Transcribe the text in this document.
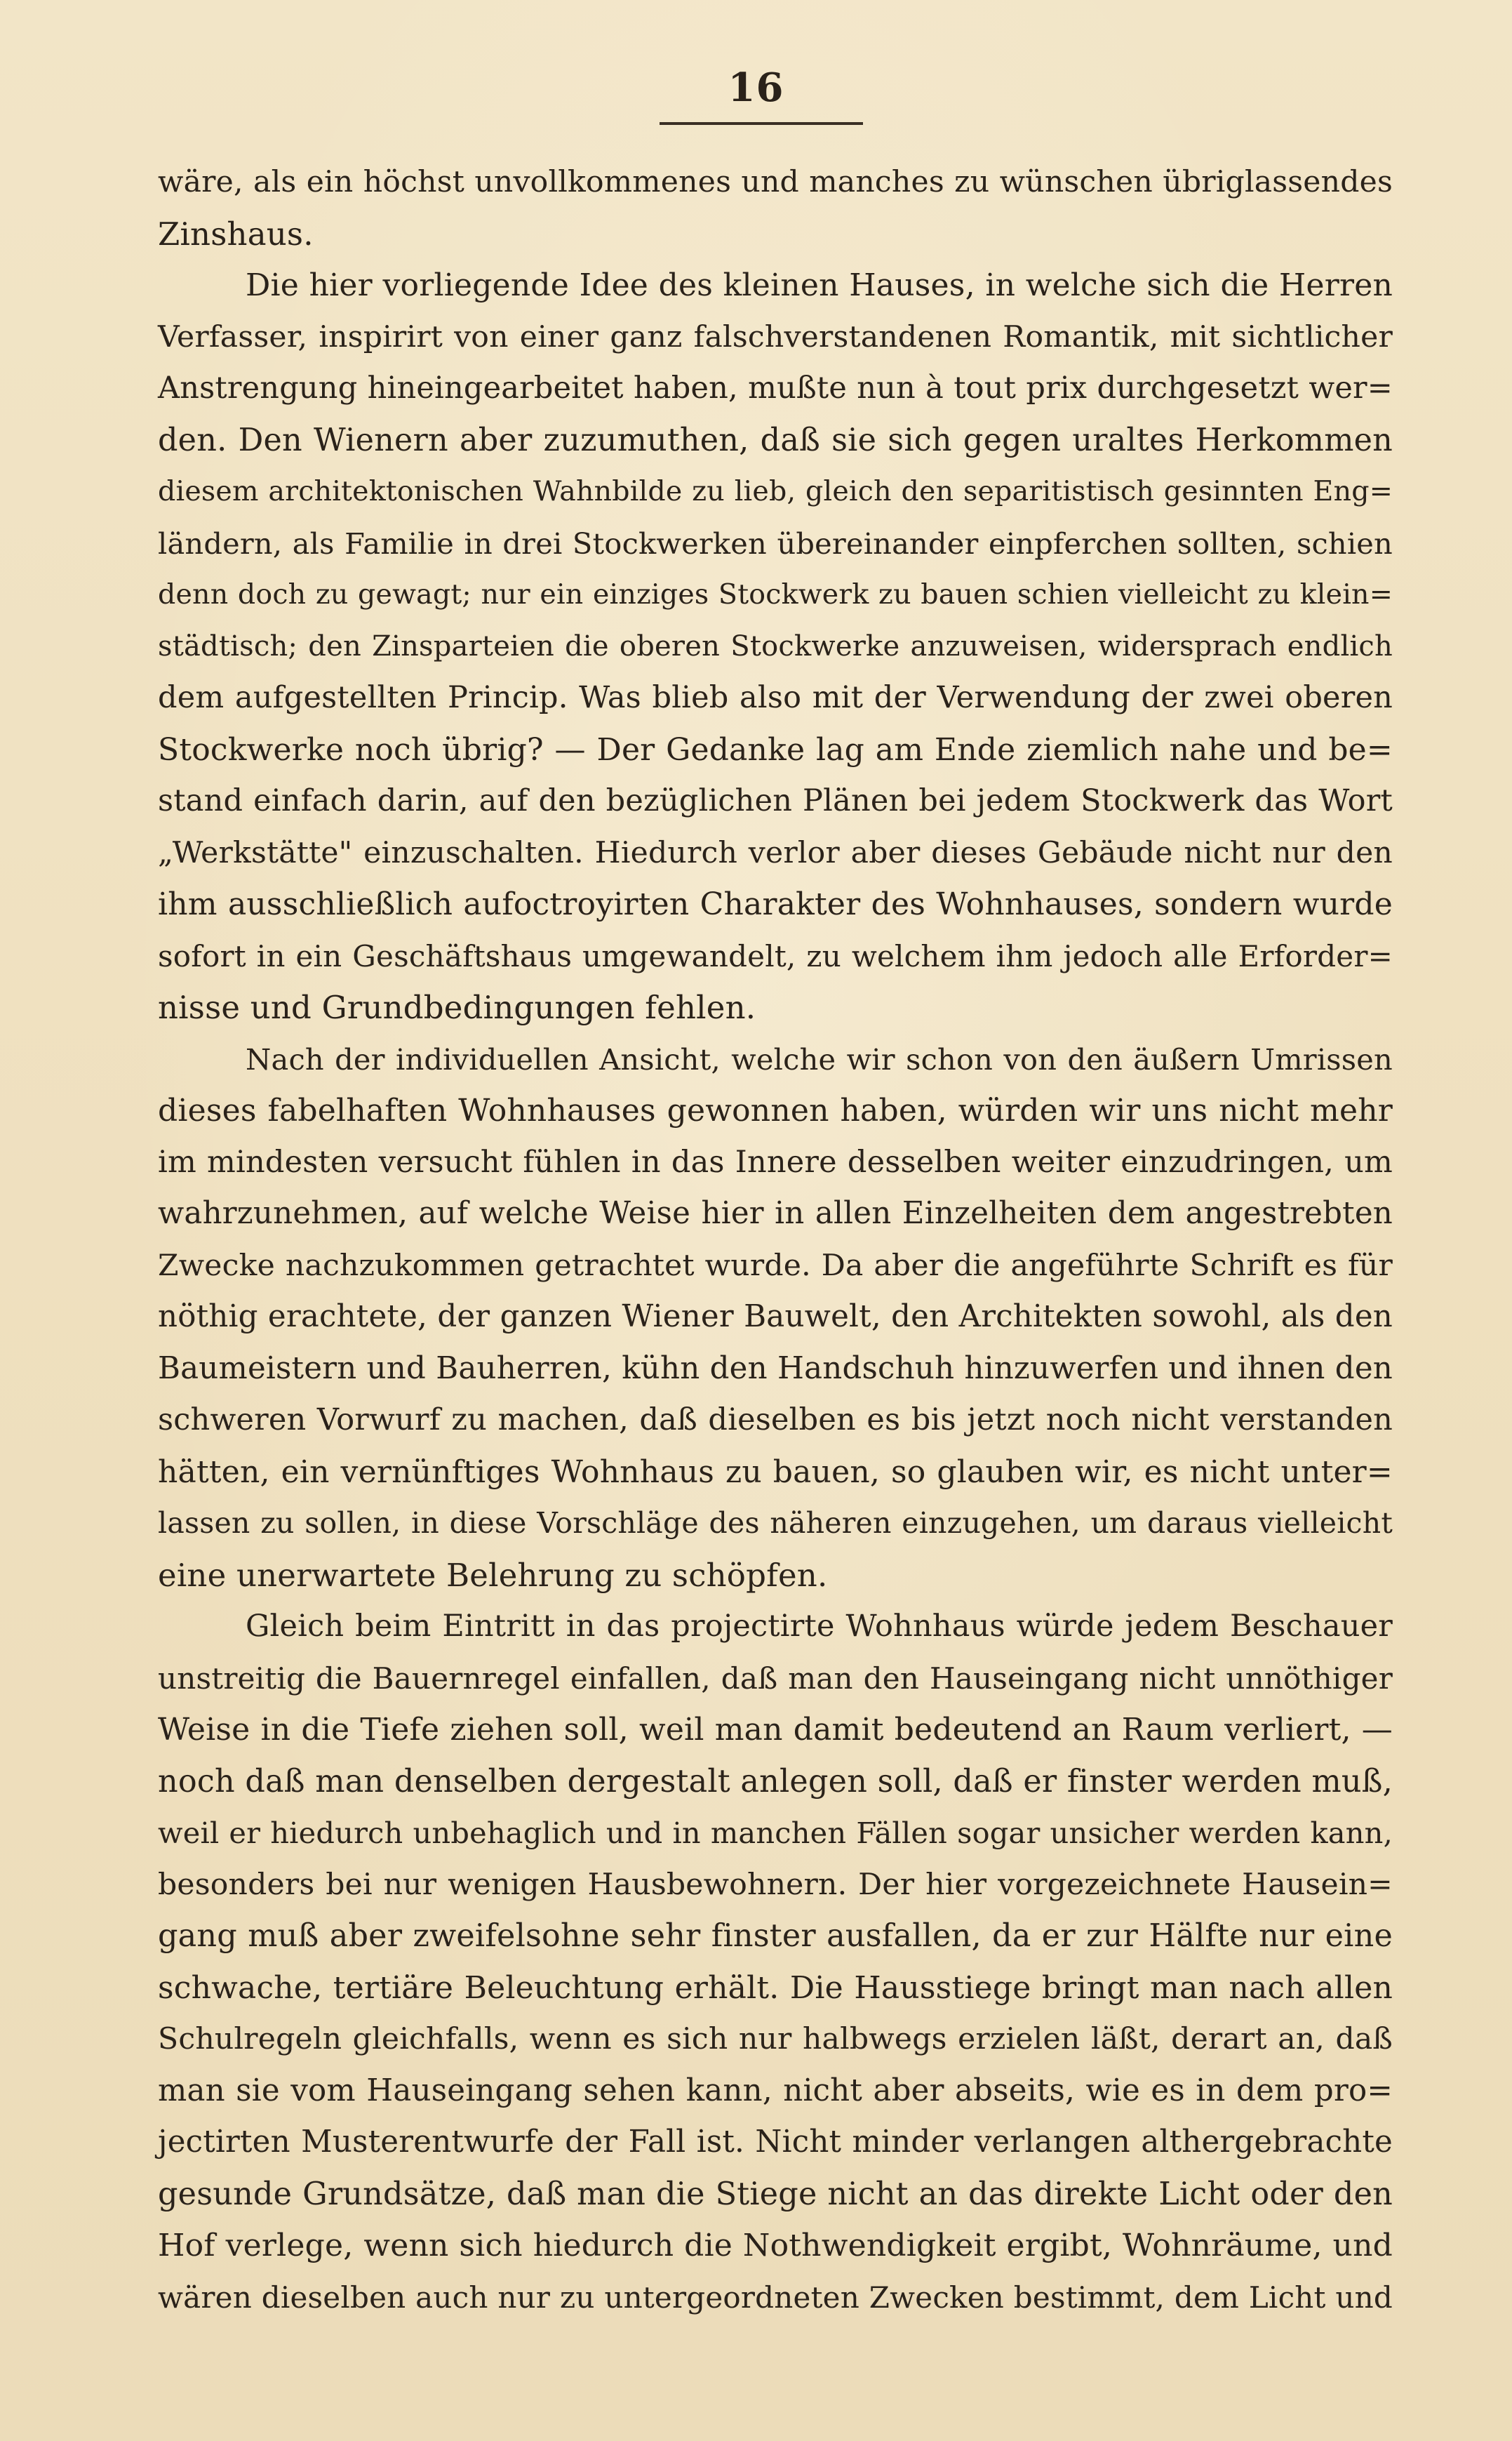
16
wäre, als ein höchst unvollkommenes und manches zu wünschen übriglassendes
Zinshaus.
Die hier vorliegende Idee des kleinen Hauses, in welche sich die Herren
Verfasser, inspirirt von einer ganz falschverstandenen Romantik, mit sichtlicher
Anstrengung hineingearbeitet haben, mußte nun à tout prix durchgesetzt wer=
den. Den Wienern aber zuzumuthen, daß sie sich gegen uraltes Herkommen
diesem architektonischen Wahnbilde zu lieb, gleich den separitistisch gesinnten Eng=
ländern, als Familie in drei Stockwerken übereinander einpferchen sollten, schien
denn doch zu gewagt; nur ein einziges Stockwerk zu bauen schien vielleicht zu klein=
städtisch; den Zinsparteien die oberen Stockwerke anzuweisen, widersprach endlich
dem aufgestellten Princip. Was blieb also mit der Verwendung der zwei oberen
Stockwerke noch übrig? — Der Gedanke lag am Ende ziemlich nahe und be=
stand einfach darin, auf den bezüglichen Plänen bei jedem Stockwerk das Wort
„Werkstätte" einzuschalten. Hiedurch verlor aber dieses Gebäude nicht nur den
ihm ausschließlich aufoctroyirten Charakter des Wohnhauses, sondern wurde
sofort in ein Geschäftshaus umgewandelt, zu welchem ihm jedoch alle Erforder=
nisse und Grundbedingungen fehlen.
Nach der individuellen Ansicht, welche wir schon von den äußern Umrissen
dieses fabelhaften Wohnhauses gewonnen haben, würden wir uns nicht mehr
im mindesten versucht fühlen in das Innere desselben weiter einzudringen, um
wahrzunehmen, auf welche Weise hier in allen Einzelheiten dem angestrebten
Zwecke nachzukommen getrachtet wurde. Da aber die angeführte Schrift es für
nöthig erachtete, der ganzen Wiener Bauwelt, den Architekten sowohl, als den
Baumeistern und Bauherren, kühn den Handschuh hinzuwerfen und ihnen den
schweren Vorwurf zu machen, daß dieselben es bis jetzt noch nicht verstanden
hätten, ein vernünftiges Wohnhaus zu bauen, so glauben wir, es nicht unter=
lassen zu sollen, in diese Vorschläge des näheren einzugehen, um daraus vielleicht
eine unerwartete Belehrung zu schöpfen.
Gleich beim Eintritt in das projectirte Wohnhaus würde jedem Beschauer
unstreitig die Bauernregel einfallen, daß man den Hauseingang nicht unnöthiger
Weise in die Tiefe ziehen soll, weil man damit bedeutend an Raum verliert, —
noch daß man denselben dergestalt anlegen soll, daß er finster werden muß,
weil er hiedurch unbehaglich und in manchen Fällen sogar unsicher werden kann,
besonders bei nur wenigen Hausbewohnern. Der hier vorgezeichnete Hausein=
gang muß aber zweifelsohne sehr finster ausfallen, da er zur Hälfte nur eine
schwache, tertiäre Beleuchtung erhält. Die Hausstiege bringt man nach allen
Schulregeln gleichfalls, wenn es sich nur halbwegs erzielen läßt, derart an, daß
man sie vom Hauseingang sehen kann, nicht aber abseits, wie es in dem pro=
jectirten Musterentwurfe der Fall ist. Nicht minder verlangen althergebrachte
gesunde Grundsätze, daß man die Stiege nicht an das direkte Licht oder den
Hof verlege, wenn sich hiedurch die Nothwendigkeit ergibt, Wohnräume, und
wären dieselben auch nur zu untergeordneten Zwecken bestimmt, dem Licht und
